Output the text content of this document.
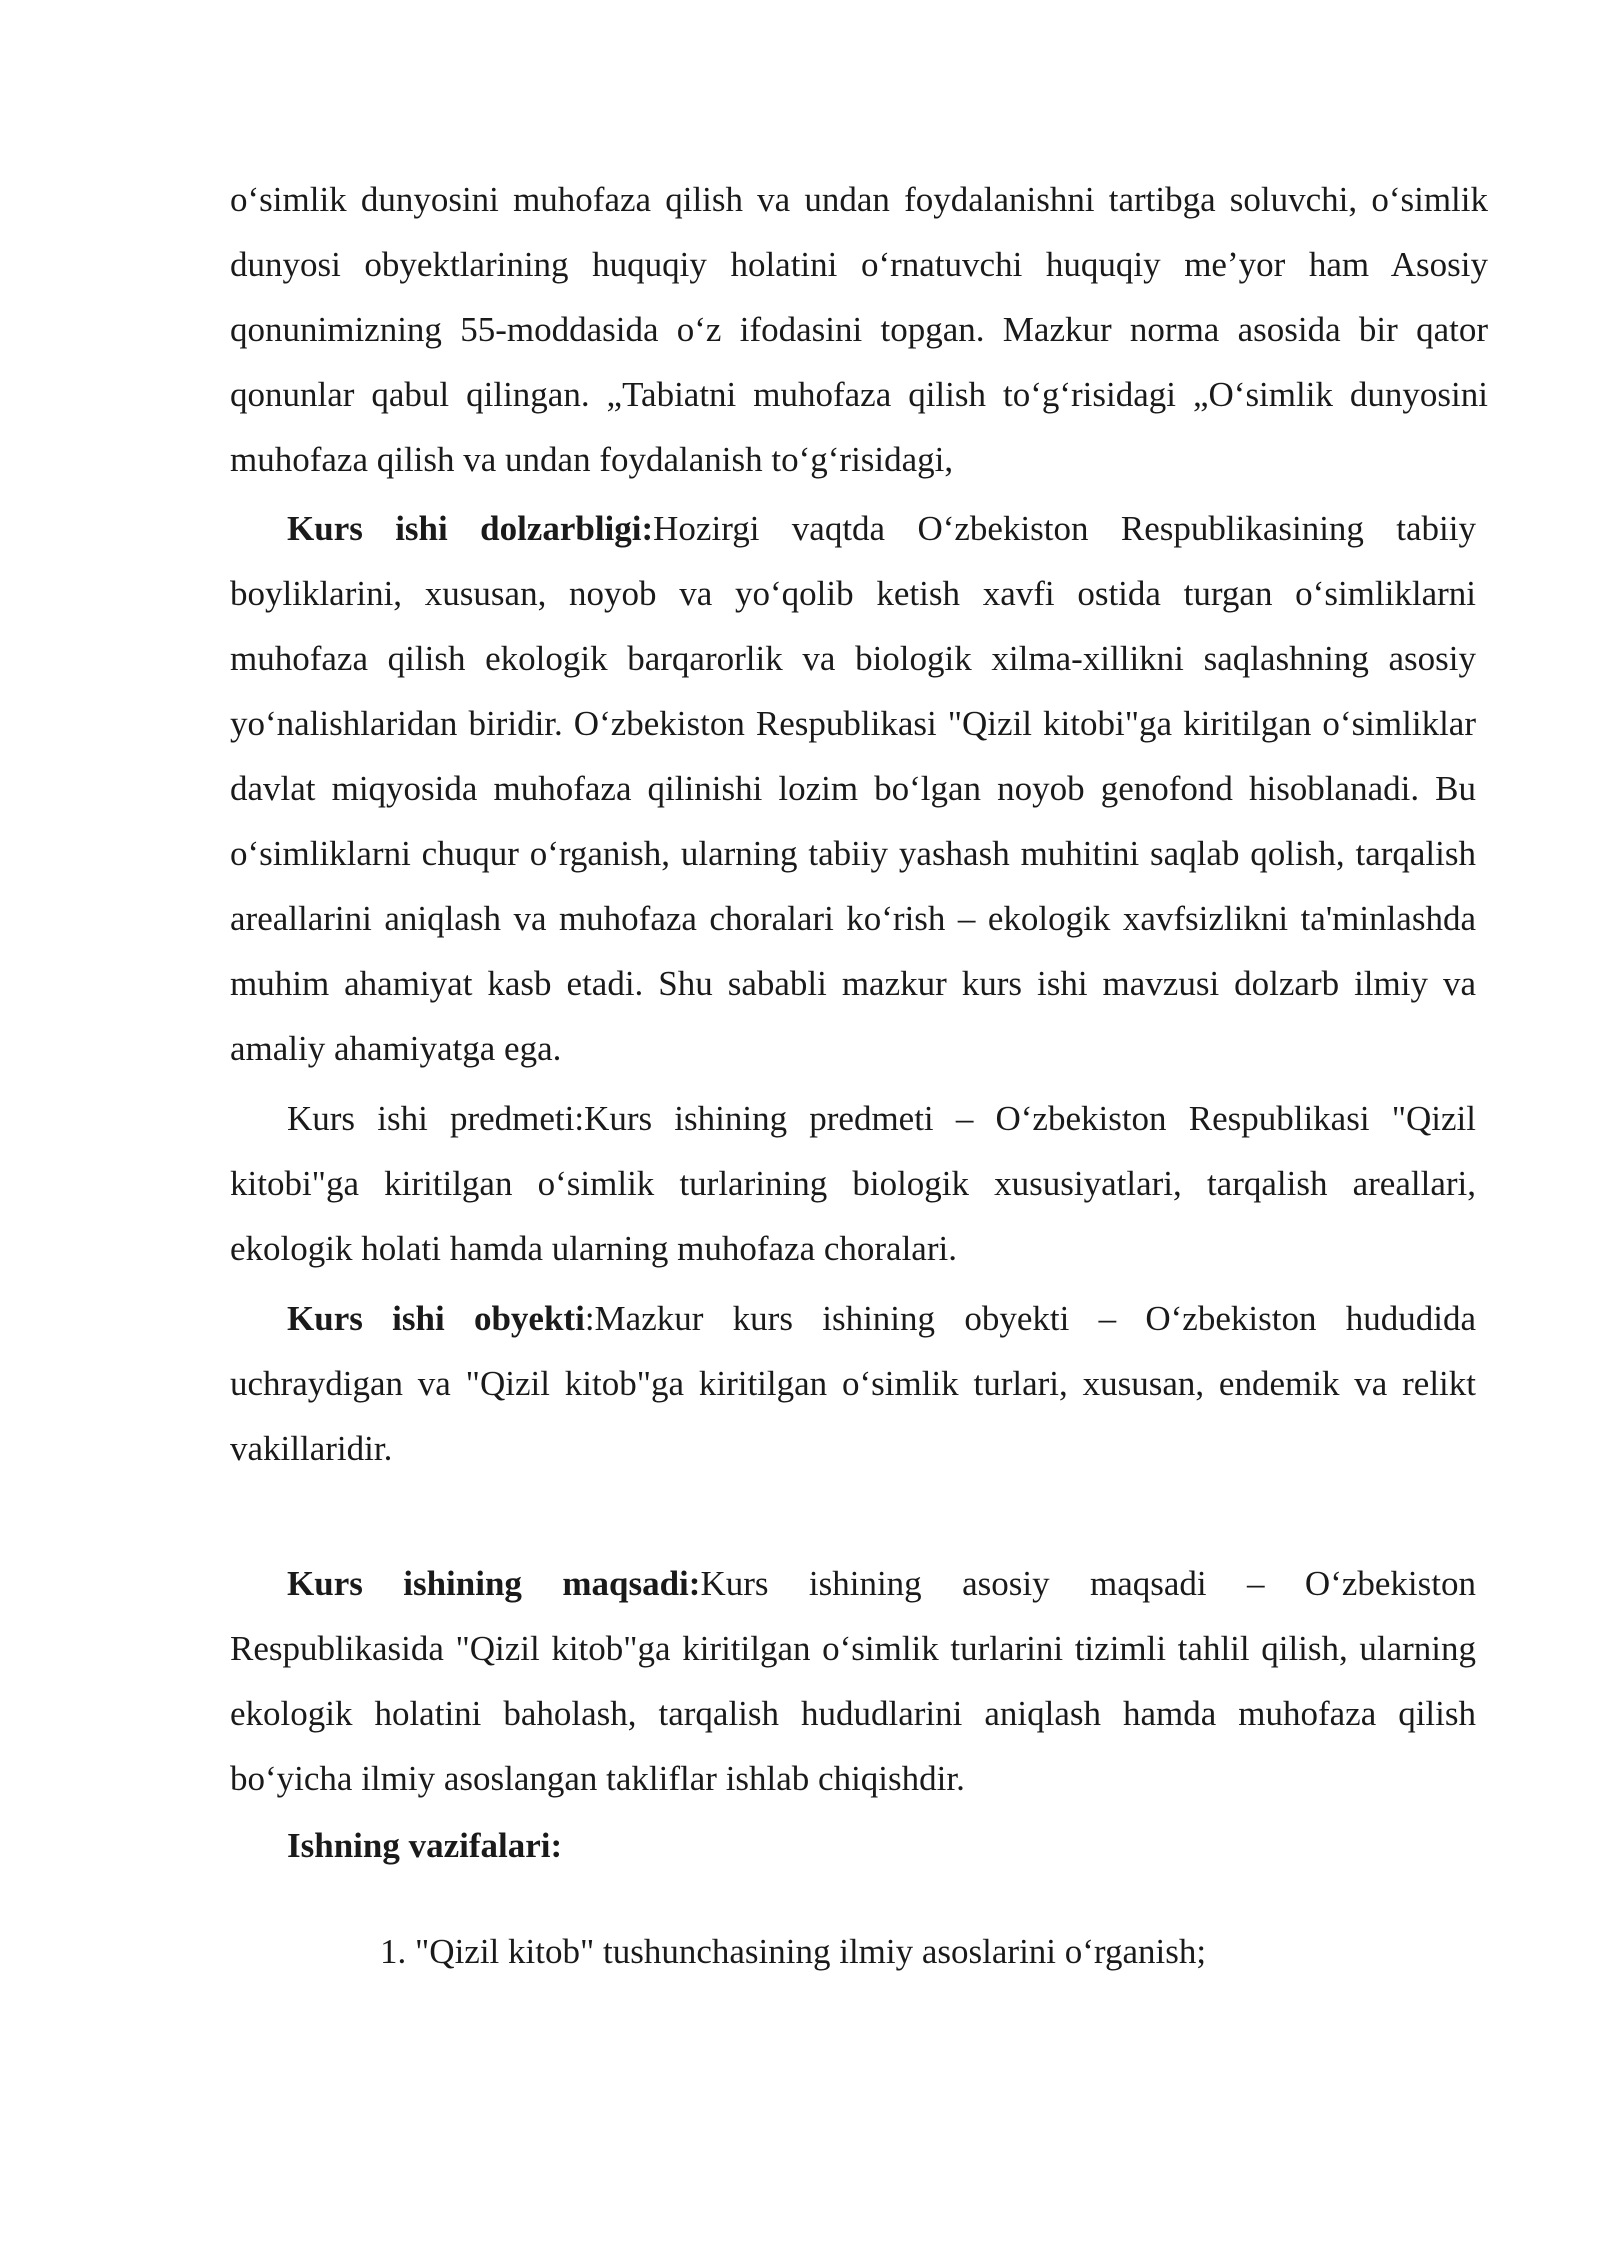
oʻsimlik dunyosini muhofaza qilish va undan foydalanishni tartibga soluvchi, oʻsimlik dunyosi obyektlarining huquqiy holatini oʻrnatuvchi huquqiy meʼyor ham Asosiy qonunimizning 55-moddasida oʻz ifodasini topgan. Mazkur norma asosida bir qator qonunlar qabul qilingan. „Tabiatni muhofaza qilish toʻgʻrisidagi „Oʻsimlik dunyosini muhofaza qilish va undan foydalanish toʻgʻrisidagi,
Kurs ishi dolzarbligi:Hozirgi vaqtda Oʻzbekiston Respublikasining tabiiy boyliklarini, xususan, noyob va yoʻqolib ketish xavfi ostida turgan oʻsimliklarni muhofaza qilish ekologik barqarorlik va biologik xilma-xillikni saqlashning asosiy yoʻnalishlaridan biridir. Oʻzbekiston Respublikasi "Qizil kitobi"ga kiritilgan oʻsimliklar davlat miqyosida muhofaza qilinishi lozim boʻlgan noyob genofond hisoblanadi. Bu oʻsimliklarni chuqur oʻrganish, ularning tabiiy yashash muhitini saqlab qolish, tarqalish areallarini aniqlash va muhofaza choralari koʻrish – ekologik xavfsizlikni ta'minlashda muhim ahamiyat kasb etadi. Shu sababli mazkur kurs ishi mavzusi dolzarb ilmiy va amaliy ahamiyatga ega.
Kurs ishi predmeti:Kurs ishining predmeti – Oʻzbekiston Respublikasi "Qizil kitobi"ga kiritilgan oʻsimlik turlarining biologik xususiyatlari, tarqalish areallari, ekologik holati hamda ularning muhofaza choralari.
Kurs ishi obyekti:Mazkur kurs ishining obyekti – Oʻzbekiston hududida uchraydigan va "Qizil kitob"ga kiritilgan oʻsimlik turlari, xususan, endemik va relikt vakillaridir.
Kurs ishining maqsadi:Kurs ishining asosiy maqsadi – Oʻzbekiston Respublikasida "Qizil kitob"ga kiritilgan oʻsimlik turlarini tizimli tahlil qilish, ularning ekologik holatini baholash, tarqalish hududlarini aniqlash hamda muhofaza qilish boʻyicha ilmiy asoslangan takliflar ishlab chiqishdir.
Ishning vazifalari:
1. "Qizil kitob" tushunchasining ilmiy asoslarini oʻrganish;
